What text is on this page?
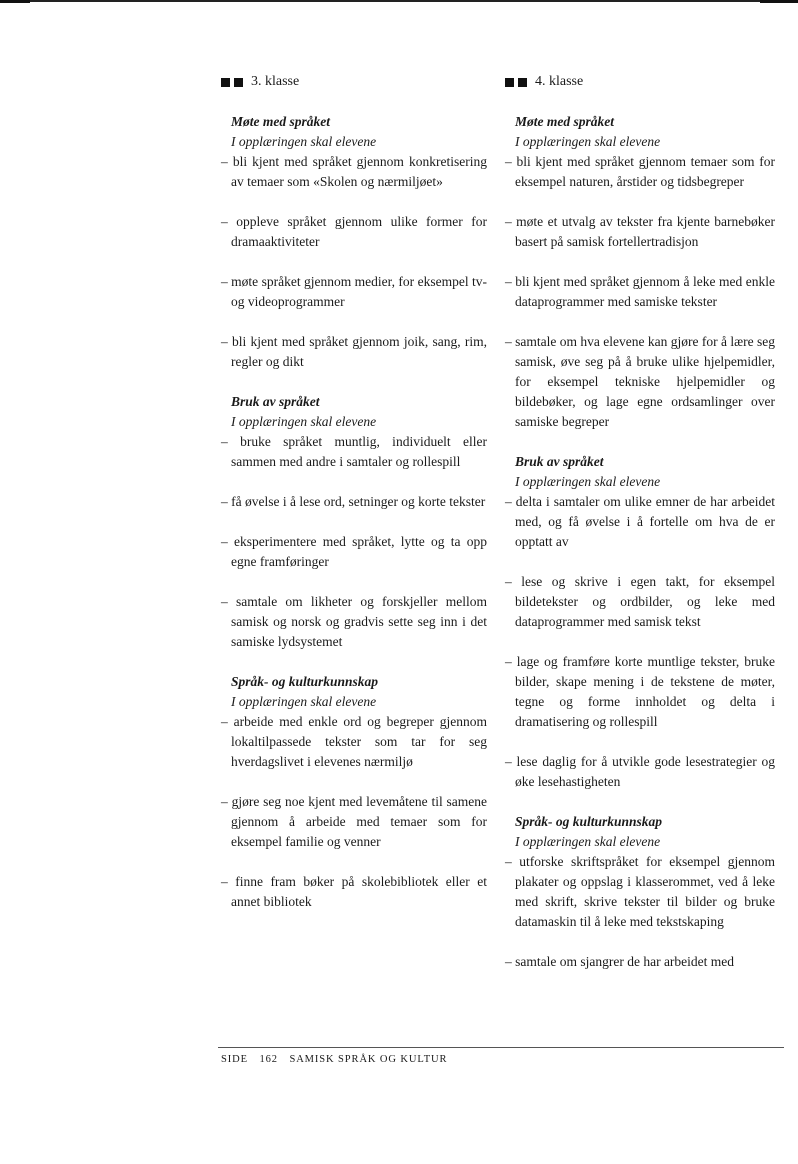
3. klasse
Møte med språket
I opplæringen skal elevene
– bli kjent med språket gjennom konkretisering av temaer som «Skolen og nærmiljøet»
– oppleve språket gjennom ulike former for dramaaktiviteter
– møte språket gjennom medier, for eksempel tv- og videoprogrammer
– bli kjent med språket gjennom joik, sang, rim, regler og dikt
Bruk av språket
I opplæringen skal elevene
– bruke språket muntlig, individuelt eller sammen med andre i samtaler og rollespill
– få øvelse i å lese ord, setninger og korte tekster
– eksperimentere med språket, lytte og ta opp egne framføringer
– samtale om likheter og forskjeller mellom samisk og norsk og gradvis sette seg inn i det samiske lydsystemet
Språk- og kulturkunnskap
I opplæringen skal elevene
– arbeide med enkle ord og begreper gjennom lokaltilpassede tekster som tar for seg hverdagslivet i elevenes nærmiljø
– gjøre seg noe kjent med levemåtene til samene gjennom å arbeide med temaer som for eksempel familie og venner
– finne fram bøker på skolebibliotek eller et annet bibliotek
4. klasse
Møte med språket
I opplæringen skal elevene
– bli kjent med språket gjennom temaer som for eksempel naturen, årstider og tidsbegreper
– møte et utvalg av tekster fra kjente barnebøker basert på samisk fortellertradisjon
– bli kjent med språket gjennom å leke med enkle dataprogrammer med samiske tekster
– samtale om hva elevene kan gjøre for å lære seg samisk, øve seg på å bruke ulike hjelpemidler, for eksempel tekniske hjelpemidler og bildebøker, og lage egne ordsamlinger over samiske begreper
Bruk av språket
I opplæringen skal elevene
– delta i samtaler om ulike emner de har arbeidet med, og få øvelse i å fortelle om hva de er opptatt av
– lese og skrive i egen takt, for eksempel bildetekster og ordbilder, og leke med dataprogrammer med samisk tekst
– lage og framføre korte muntlige tekster, bruke bilder, skape mening i de tekstene de møter, tegne og forme innholdet og delta i dramatisering og rollespill
– lese daglig for å utvikle gode lesestrategier og øke lesehastigheten
Språk- og kulturkunnskap
I opplæringen skal elevene
– utforske skriftspråket for eksempel gjennom plakater og oppslag i klasserommet, ved å leke med skrift, skrive tekster til bilder og bruke datamaskin til å leke med tekstskaping
– samtale om sjangrer de har arbeidet med
SIDE 162 SAMISK SPRÅK OG KULTUR
